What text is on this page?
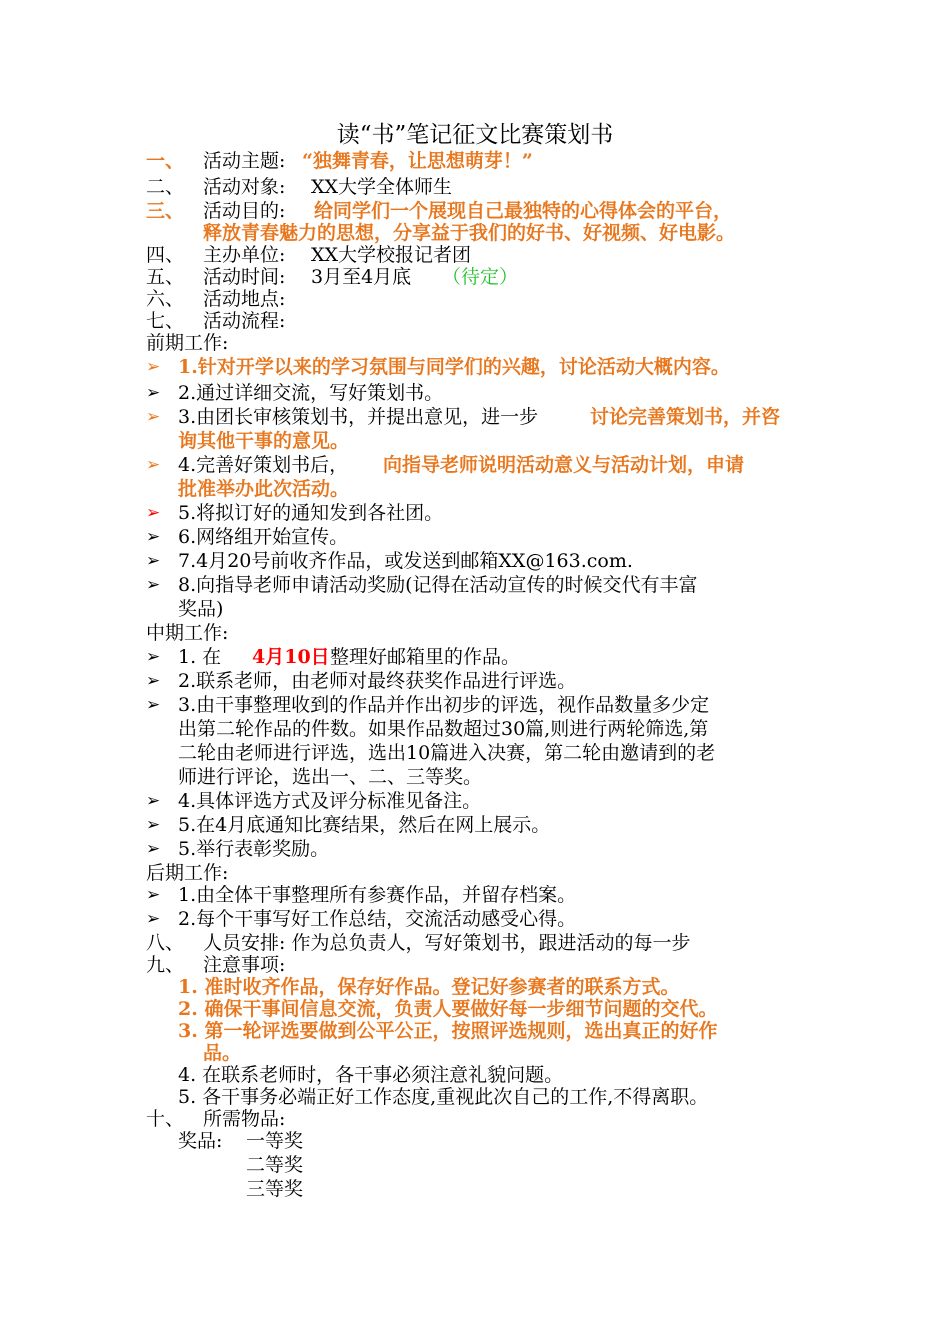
读“书”笔记征文比赛策划书
一、 活动主题: “独舞青春，让思想萌芽！”
二、 活动对象: XX大学全体师生
三、 活动目的: 给同学们一个展现自己最独特的心得体会的平台，
释放青春魅力的思想，分享益于我们的好书、好视频、好电影。
四、 主办单位: XX大学校报记者团
五、 活动时间: 3月至4月底 （待定）
六、 活动地点:
七、 活动流程:
前期工作:
➢ 1.针对开学以来的学习氛围与同学们的兴趣，讨论活动大概内容。
➢ 2.通过详细交流，写好策划书。
➢ 3.由团长审核策划书，并提出意见，进一步	讨论完善策划书，并咨
询其他干事的意见。
➢ 4.完善好策划书后， 向指导老师说明活动意义与活动计划，申请
批准举办此次活动。
➢ 5.将拟订好的通知发到各社团。
➢ 6.网络组开始宣传。
➢ 7.4月20号前收齐作品，或发送到邮箱XX@163.com.
➢ 8.向指导老师申请活动奖励(记得在活动宣传的时候交代有丰富
奖品)
中期工作:
➢ 1. 在 4月10日 整理好邮箱里的作品。
➢ 2.联系老师，由老师对最终获奖作品进行评选。
➢ 3.由干事整理收到的作品并作出初步的评选，视作品数量多少定
出第二轮作品的件数。如果作品数超过30篇,则进行两轮筛选,第
二轮由老师进行评选，选出10篇进入决赛，第二轮由邀请到的老
师进行评论，选出一、二、三等奖。
➢ 4.具体评选方式及评分标准见备注。
➢ 5.在4月底通知比赛结果，然后在网上展示。
➢ 5.举行表彰奖励。
后期工作:
➢ 1.由全体干事整理所有参赛作品，并留存档案。
➢ 2.每个干事写好工作总结，交流活动感受心得。
八、 人员安排: 作为总负责人，写好策划书，跟进活动的每一步
九、 注意事项:
1. 准时收齐作品，保存好作品。登记好参赛者的联系方式。
2. 确保干事间信息交流，负责人要做好每一步细节问题的交代。
3. 第一轮评选要做到公平公正，按照评选规则，选出真正的好作
品。
4. 在联系老师时，各干事必须注意礼貌问题。
5. 各干事务必端正好工作态度,重视此次自己的工作,不得离职。
十、 所需物品:
奖品: 一等奖
二等奖
三等奖
